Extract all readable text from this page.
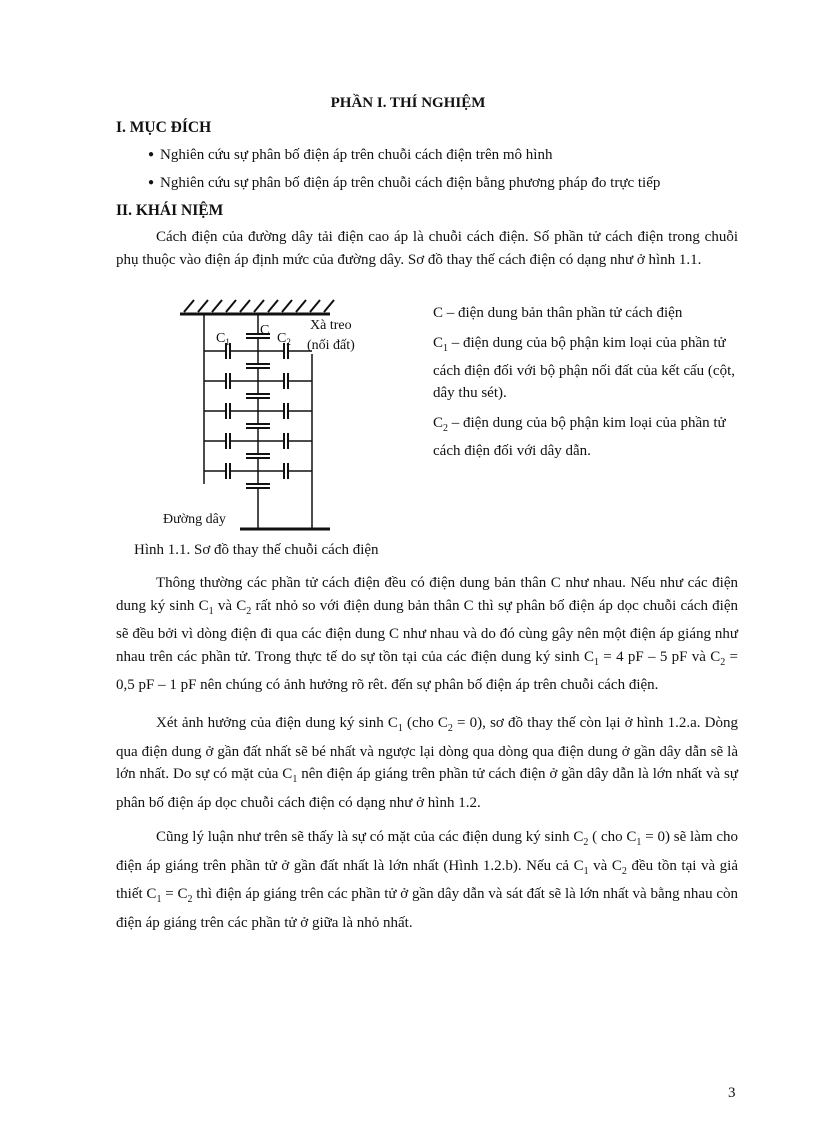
PHẦN I. THÍ NGHIỆM
I. MỤC ĐÍCH
● Nghiên cứu sự phân bố điện áp trên chuỗi cách điện trên mô hình
● Nghiên cứu sự phân bố điện áp trên chuỗi cách điện bằng phương pháp đo trực tiếp
II. KHÁI NIỆM
Cách điện của đường dây tải điện cao áp là chuỗi cách điện. Số phần tử cách điện trong chuỗi phụ thuộc vào điện áp định mức của đường dây. Sơ đồ thay thế cách điện có dạng như ở hình 1.1.
$C_1$
C
$C_2$
Xà treo
(nối đất)
Đường dây

C – điện dung bản thân phần tử cách điện

$C_1$ – điện dung của bộ phận kim loại của phần tử cách điện đối với bộ phận nối đất của kết cấu (cột, dây thu sét).

$C_2$ – điện dung của bộ phận kim loại của phần tử cách điện đối với dây dẫn.

Hình 1.1. Sơ đồ thay thế chuỗi cách điện
Thông thường các phần tử cách điện đều có điện dung bản thân C như nhau. Nếu như các điện dung ký $\sinh C_1$ và $C_2$ rất nhỏ so với điện dung bản thân C thì sự phân bố điện áp dọc chuỗi cách điện sẽ đều bởi vì dòng điện đi qua các điện dung C như nhau và do đó cùng gây nên một điện áp giáng như nhau trên các phần tử. Trong thực tế do sự tồn tại của các điện dung ký $\sinh C_1 = 4$ pF – 5 pF và $C_2 = 0,5$ pF – 1 pF nên chúng có ảnh hưởng rõ rêt. đến sự phân bố điện áp trên chuỗi cách điện.
Xét ảnh hưởng của điện dung ký $\sinh C_1$ (cho $C_2 = 0$), sơ đồ thay thế còn lại ở hình 1.2.a. Dòng qua điện dung ở gần đất nhất sẽ bé nhất và ngược lại dòng qua dòng qua điện dung ở gần dây dẫn sẽ là lớn nhất. Do sự có mặt của $C_1$ nên điện áp giáng trên phần tử cách điện ở gần dây dẫn là lớn nhất và sự phân bố điện áp dọc chuỗi cách điện có dạng như ở hình 1.2.
Cũng lý luận như trên sẽ thấy là sự có mặt của các điện dung ký $\sinh C_2$ ( cho $C_1 = 0$) sẽ làm cho điện áp giáng trên phần tử ở gần đất nhất là lớn nhất (Hình 1.2.b). Nếu cả $C_1$ và $C_2$ đều tồn tại và giả thiết $C_1 = C_2$ thì điện áp giáng trên các phần tử ở gần dây dẫn và sát đất sẽ là lớn nhất và bằng nhau còn điện áp giáng trên các phần tử ở giữa là nhỏ nhất.
3
